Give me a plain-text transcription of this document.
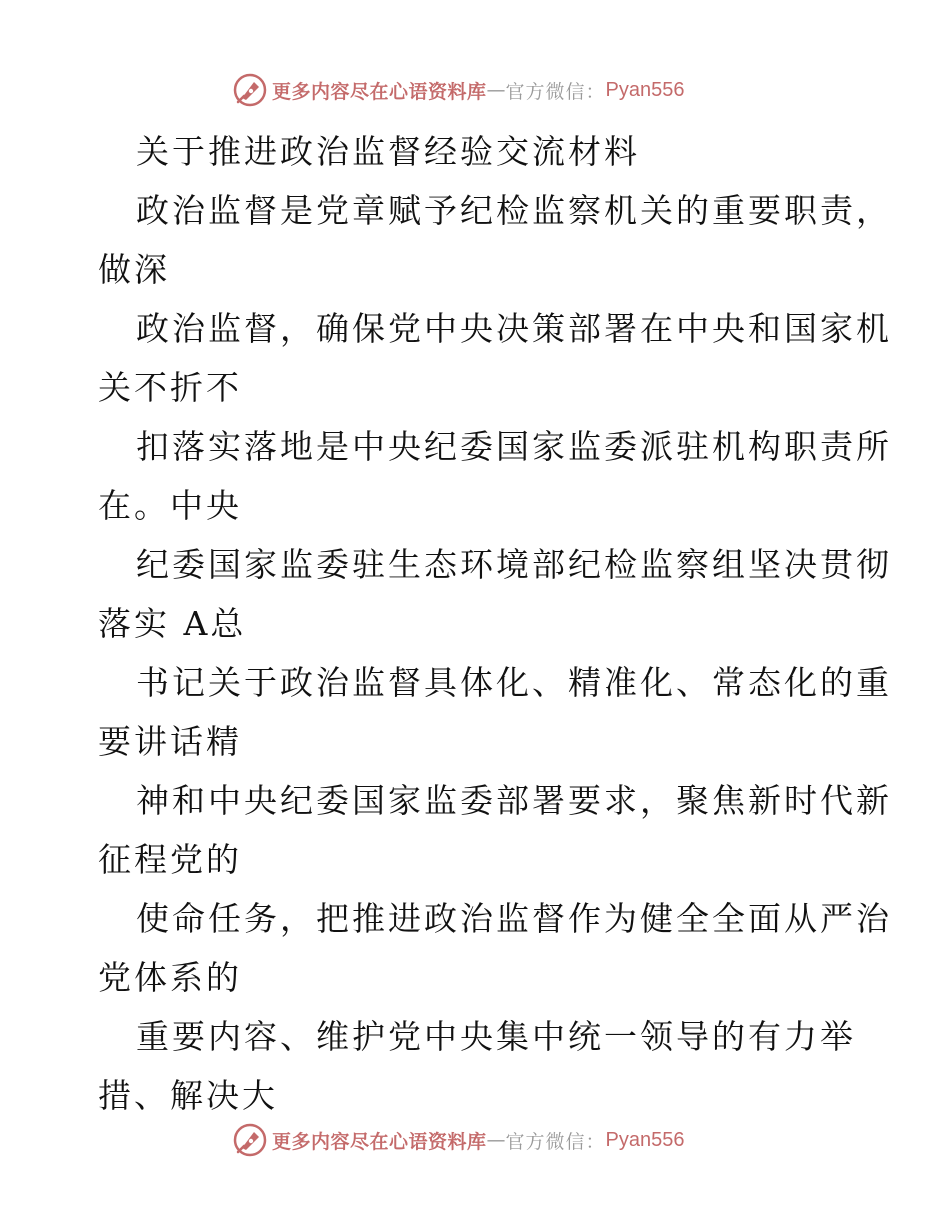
更多内容尽在心语资料库 — 官方微信： Pyan556
关于推进政治监督经验交流材料
政治监督是党章赋予纪检监察机关的重要职责，
做深
政治监督，确保党中央决策部署在中央和国家机
关不折不
扣落实落地是中央纪委国家监委派驻机构职责所
在。中央
纪委国家监委驻生态环境部纪检监察组坚决贯彻
落实 A总
书记关于政治监督具体化、精准化、常态化的重
要讲话精
神和中央纪委国家监委部署要求，聚焦新时代新
征程党的
使命任务，把推进政治监督作为健全全面从严治
党体系的
重要内容、维护党中央集中统一领导的有力举
措、解决大
更多内容尽在心语资料库 — 官方微信： Pyan556
